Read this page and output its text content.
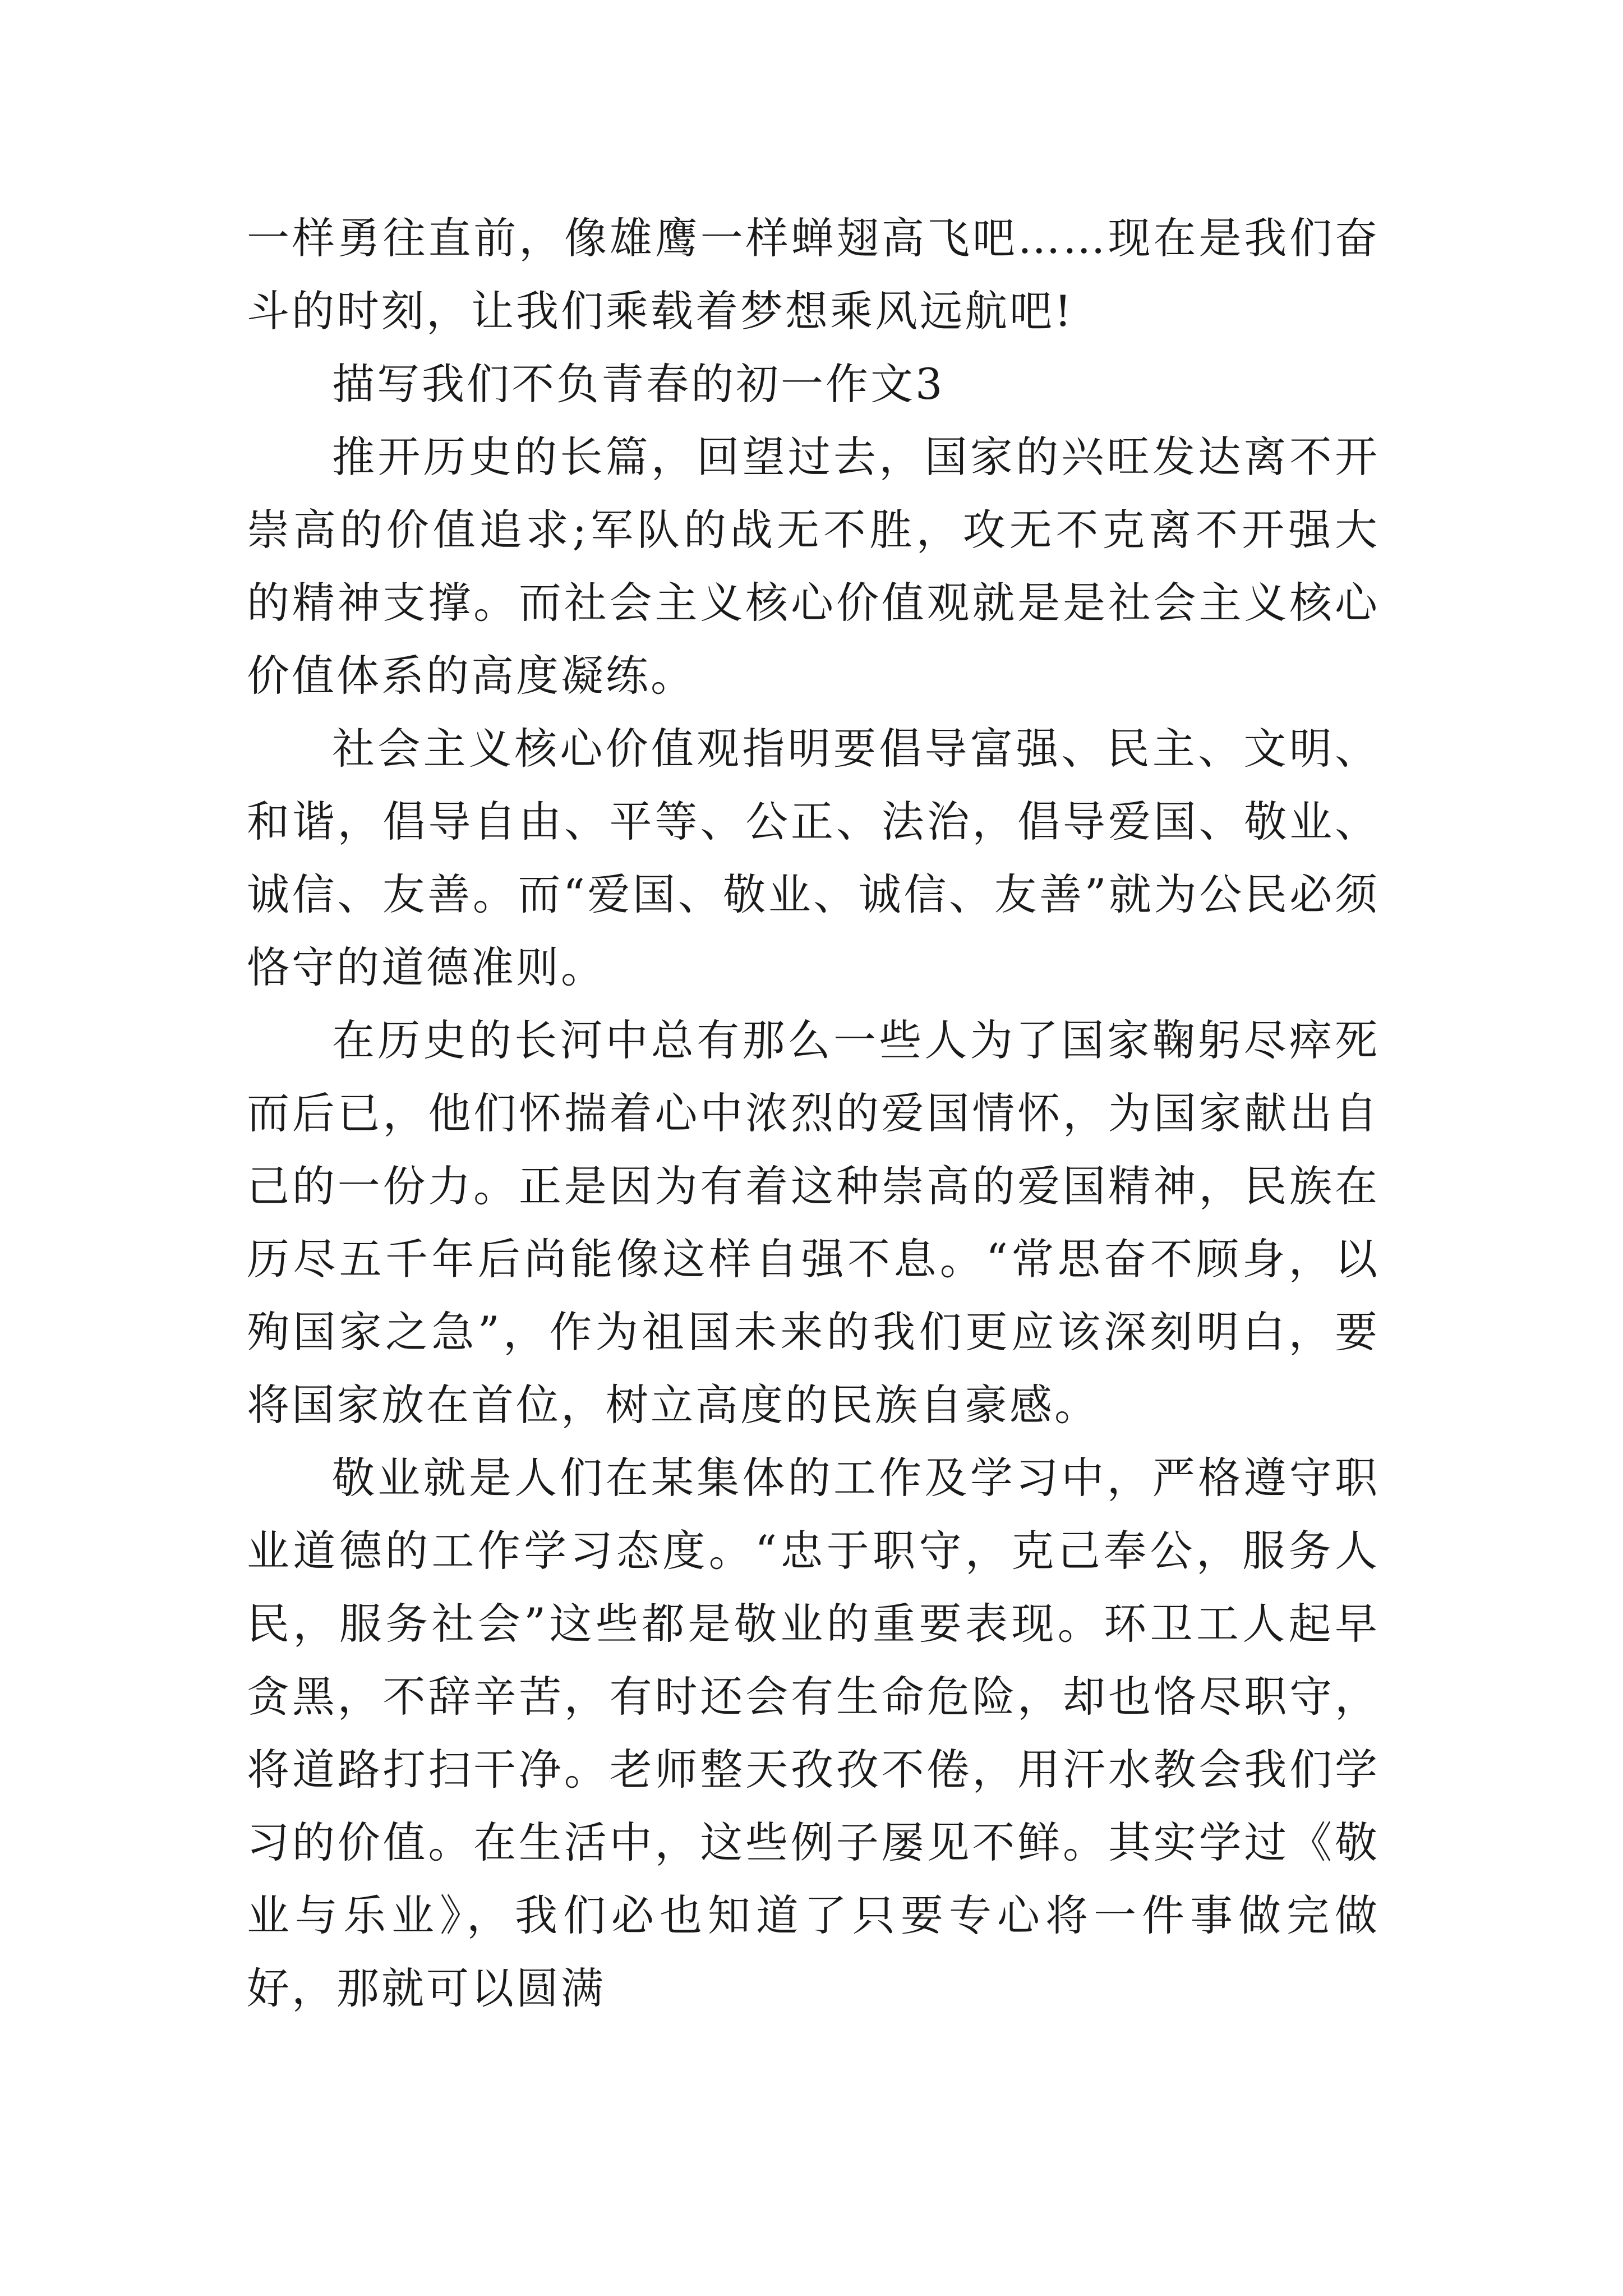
一样勇往直前，像雄鹰一样蝉翅高飞吧……现在是我们奋斗的时刻，让我们乘载着梦想乘风远航吧!

描写我们不负青春的初一作文3

推开历史的长篇，回望过去，国家的兴旺发达离不开崇高的价值追求;军队的战无不胜，攻无不克离不开强大的精神支撑。而社会主义核心价值观就是是社会主义核心价值体系的高度凝练。

社会主义核心价值观指明要倡导富强、民主、文明、和谐，倡导自由、平等、公正、法治，倡导爱国、敬业、诚信、友善。而“爱国、敬业、诚信、友善”就为公民必须恪守的道德准则。

在历史的长河中总有那么一些人为了国家鞠躬尽瘁死而后已，他们怀揣着心中浓烈的爱国情怀，为国家献出自己的一份力。正是因为有着这种崇高的爱国精神，民族在历尽五千年后尚能像这样自强不息。“常思奋不顾身，以殉国家之急”，作为祖国未来的我们更应该深刻明白，要将国家放在首位，树立高度的民族自豪感。

敬业就是人们在某集体的工作及学习中，严格遵守职业道德的工作学习态度。“忠于职守，克己奉公，服务人民，服务社会”这些都是敬业的重要表现。环卫工人起早贪黑，不辞辛苦，有时还会有生命危险，却也恪尽职守，将道路打扫干净。老师整天孜孜不倦，用汗水教会我们学习的价值。在生活中，这些例子屡见不鲜。其实学过《敬业与乐业》，我们必也知道了只要专心将一件事做完做好，那就可以圆满
